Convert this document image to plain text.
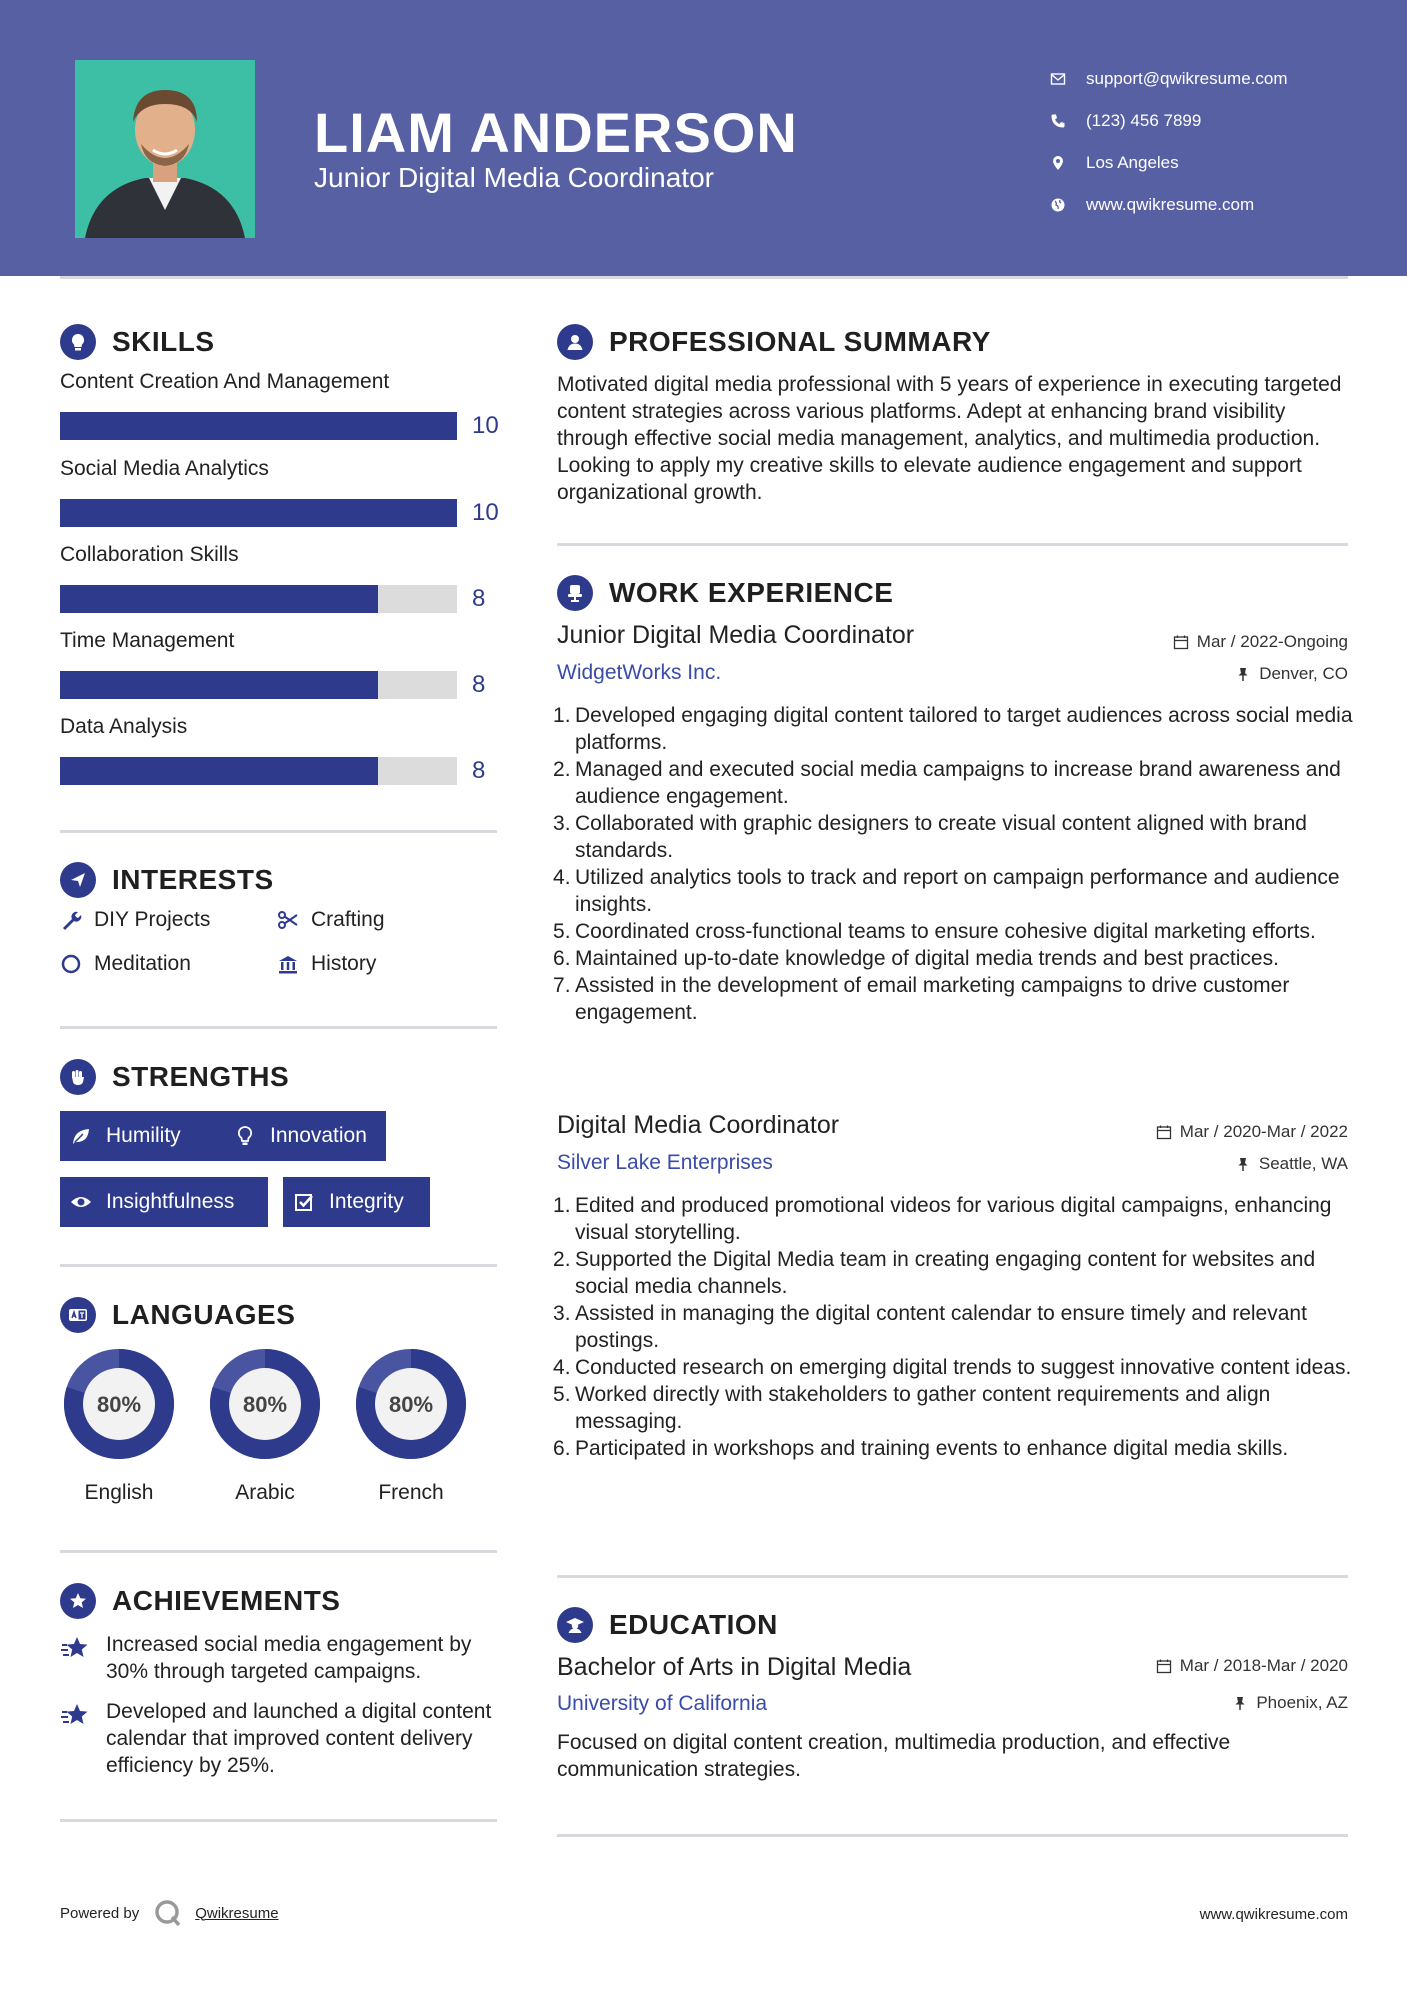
LIAM ANDERSON
Junior Digital Media Coordinator
support@qwikresume.com
(123) 456 7899
Los Angeles
www.qwikresume.com
SKILLS
Content Creation And Management
10
Social Media Analytics
10
Collaboration Skills
8
Time Management
8
Data Analysis
8
INTERESTS
DIY Projects	Crafting
Meditation	History
STRENGTHS
Humility	Innovation
Insightfulness	Integrity
LANGUAGES
80%
English
80%
Arabic
80%
French
ACHIEVEMENTS
Increased social media engagement by 30% through targeted campaigns.
Developed and launched a digital content calendar that improved content delivery efficiency by 25%.
PROFESSIONAL SUMMARY
Motivated digital media professional with 5 years of experience in executing targeted content strategies across various platforms. Adept at enhancing brand visibility through effective social media management, analytics, and multimedia production. Looking to apply my creative skills to elevate audience engagement and support organizational growth.
WORK EXPERIENCE
Junior Digital Media Coordinator	Mar / 2022-Ongoing
WidgetWorks Inc.	Denver, CO
Developed engaging digital content tailored to target audiences across social media platforms.
Managed and executed social media campaigns to increase brand awareness and audience engagement.
Collaborated with graphic designers to create visual content aligned with brand standards.
Utilized analytics tools to track and report on campaign performance and audience insights.
Coordinated cross-functional teams to ensure cohesive digital marketing efforts.
Maintained up-to-date knowledge of digital media trends and best practices.
Assisted in the development of email marketing campaigns to drive customer engagement.
Digital Media Coordinator	Mar / 2020-Mar / 2022
Silver Lake Enterprises	Seattle, WA
Edited and produced promotional videos for various digital campaigns, enhancing visual storytelling.
Supported the Digital Media team in creating engaging content for websites and social media channels.
Assisted in managing the digital content calendar to ensure timely and relevant postings.
Conducted research on emerging digital trends to suggest innovative content ideas.
Worked directly with stakeholders to gather content requirements and align messaging.
Participated in workshops and training events to enhance digital media skills.
EDUCATION
Bachelor of Arts in Digital Media	Mar / 2018-Mar / 2020
University of California	Phoenix, AZ
Focused on digital content creation, multimedia production, and effective communication strategies.
Powered by	Qwikresume	www.qwikresume.com
